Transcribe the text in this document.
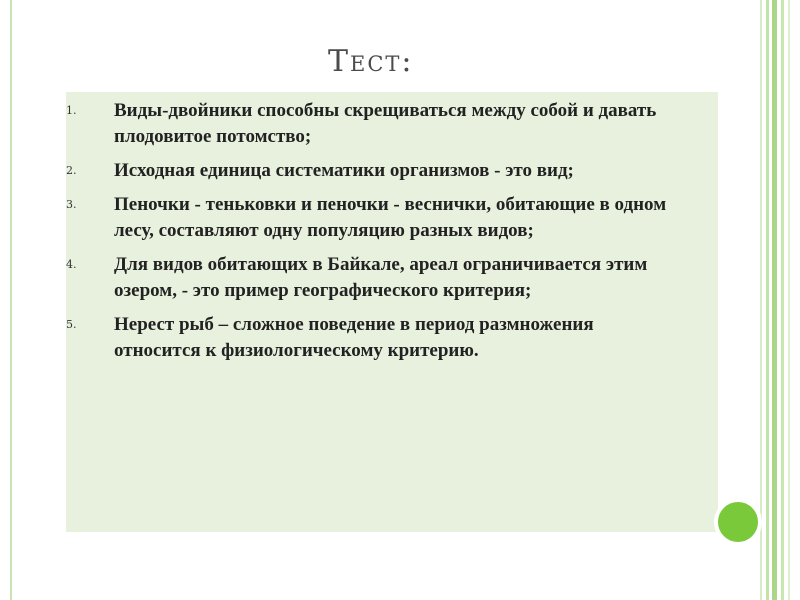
Тест:
1.	Виды-двойники способны скрещиваться между собой и давать плодовитое потомство;
2.	Исходная единица систематики организмов - это вид;
3.	Пеночки - теньковки и пеночки - веснички, обитающие в одном лесу, составляют одну популяцию разных видов;
4.	Для видов обитающих в Байкале, ареал ограничивается этим озером, - это пример географического критерия;
5.	Нерест рыб – сложное поведение в период размножения относится к физиологическому критерию.
